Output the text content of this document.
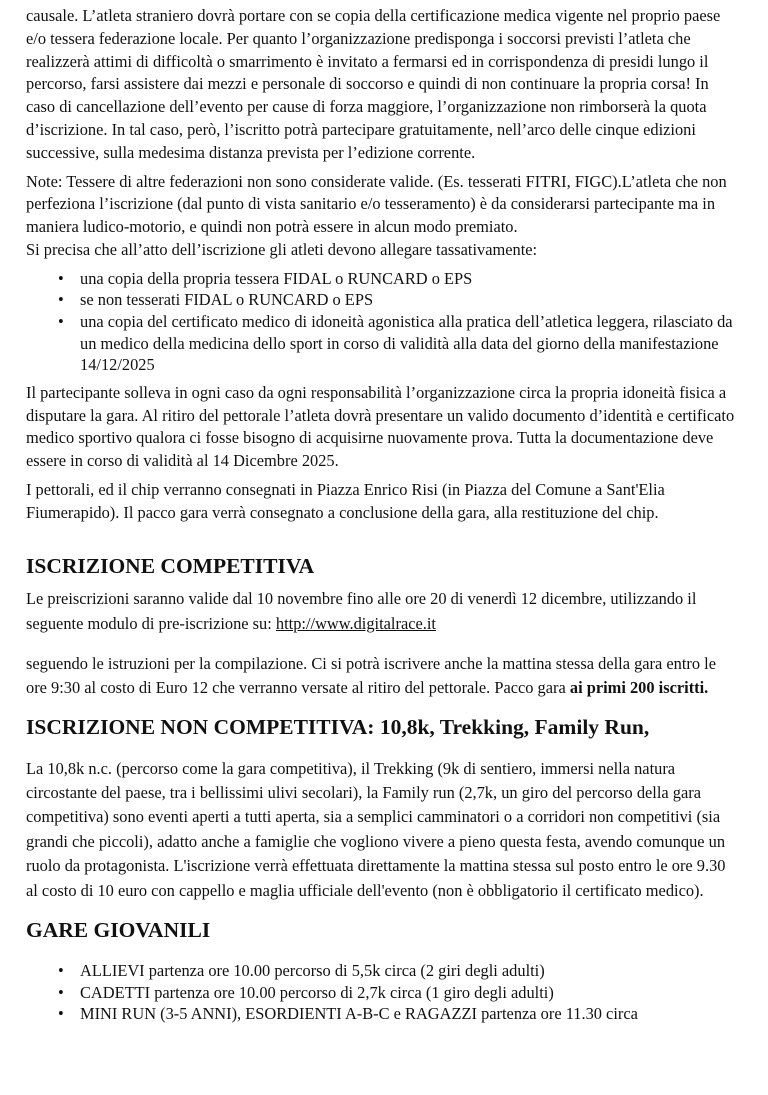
causale. L’atleta straniero dovrà portare con se copia della certificazione medica vigente nel proprio paese e/o tessera federazione locale. Per quanto l’organizzazione predisponga i soccorsi previsti l’atleta che realizzerà attimi di difficoltà o smarrimento è invitato a fermarsi ed in corrispondenza di presidi lungo il percorso, farsi assistere dai mezzi e personale di soccorso e quindi di non continuare la propria corsa! In caso di cancellazione dell’evento per cause di forza maggiore, l’organizzazione non rimborserà la quota d’iscrizione. In tal caso, però, l’iscritto potrà partecipare gratuitamente, nell’arco delle cinque edizioni successive, sulla medesima distanza prevista per l’edizione corrente.

Note: Tessere di altre federazioni non sono considerate valide. (Es. tesserati FITRI, FIGC).L’atleta che non perfeziona l’iscrizione (dal punto di vista sanitario e/o tesseramento) è da considerarsi partecipante ma in maniera ludico-motorio, e quindi non potrà essere in alcun modo premiato.

Si precisa che all’atto dell’iscrizione gli atleti devono allegare tassativamente:

• una copia della propria tessera FIDAL o RUNCARD o EPS
• se non tesserati FIDAL o RUNCARD o EPS
• una copia del certificato medico di idoneità agonistica alla pratica dell’atletica leggera, rilasciato da un medico della medicina dello sport in corso di validità alla data del giorno della manifestazione 14/12/2025

Il partecipante solleva in ogni caso da ogni responsabilità l’organizzazione circa la propria idoneità fisica a disputare la gara. Al ritiro del pettorale l’atleta dovrà presentare un valido documento d’identità e certificato medico sportivo qualora ci fosse bisogno di acquisirne nuovamente prova. Tutta la documentazione deve essere in corso di validità al 14 Dicembre 2025.

I pettorali, ed il chip verranno consegnati in Piazza Enrico Risi (in Piazza del Comune a Sant'Elia Fiumerapido). Il pacco gara verrà consegnato a conclusione della gara, alla restituzione del chip.

ISCRIZIONE COMPETITIVA

Le preiscrizioni saranno valide dal 10 novembre fino alle ore 20 di venerdì 12 dicembre, utilizzando il seguente modulo di pre-iscrizione su: http://www.digitalrace.it

seguendo le istruzioni per la compilazione. Ci si potrà iscrivere anche la mattina stessa della gara entro le ore 9:30 al costo di Euro 12 che verranno versate al ritiro del pettorale. Pacco gara ai primi 200 iscritti.

ISCRIZIONE NON COMPETITIVA: 10,8k, Trekking, Family Run,

La 10,8k n.c. (percorso come la gara competitiva), il Trekking (9k di sentiero, immersi nella natura circostante del paese, tra i bellissimi ulivi secolari), la Family run (2,7k, un giro del percorso della gara competitiva) sono eventi aperti a tutti aperta, sia a semplici camminatori o a corridori non competitivi (sia grandi che piccoli), adatto anche a famiglie che vogliono vivere a pieno questa festa, avendo comunque un ruolo da protagonista. L'iscrizione verrà effettuata direttamente la mattina stessa sul posto entro le ore 9.30 al costo di 10 euro con cappello e maglia ufficiale dell'evento (non è obbligatorio il certificato medico).

GARE GIOVANILI
• ALLIEVI partenza ore 10.00 percorso di 5,5k circa (2 giri degli adulti)
• CADETTI partenza ore 10.00 percorso di 2,7k circa (1 giro degli adulti)
• MINI RUN (3-5 ANNI), ESORDIENTI A-B-C e RAGAZZI partenza ore 11.30 circa
